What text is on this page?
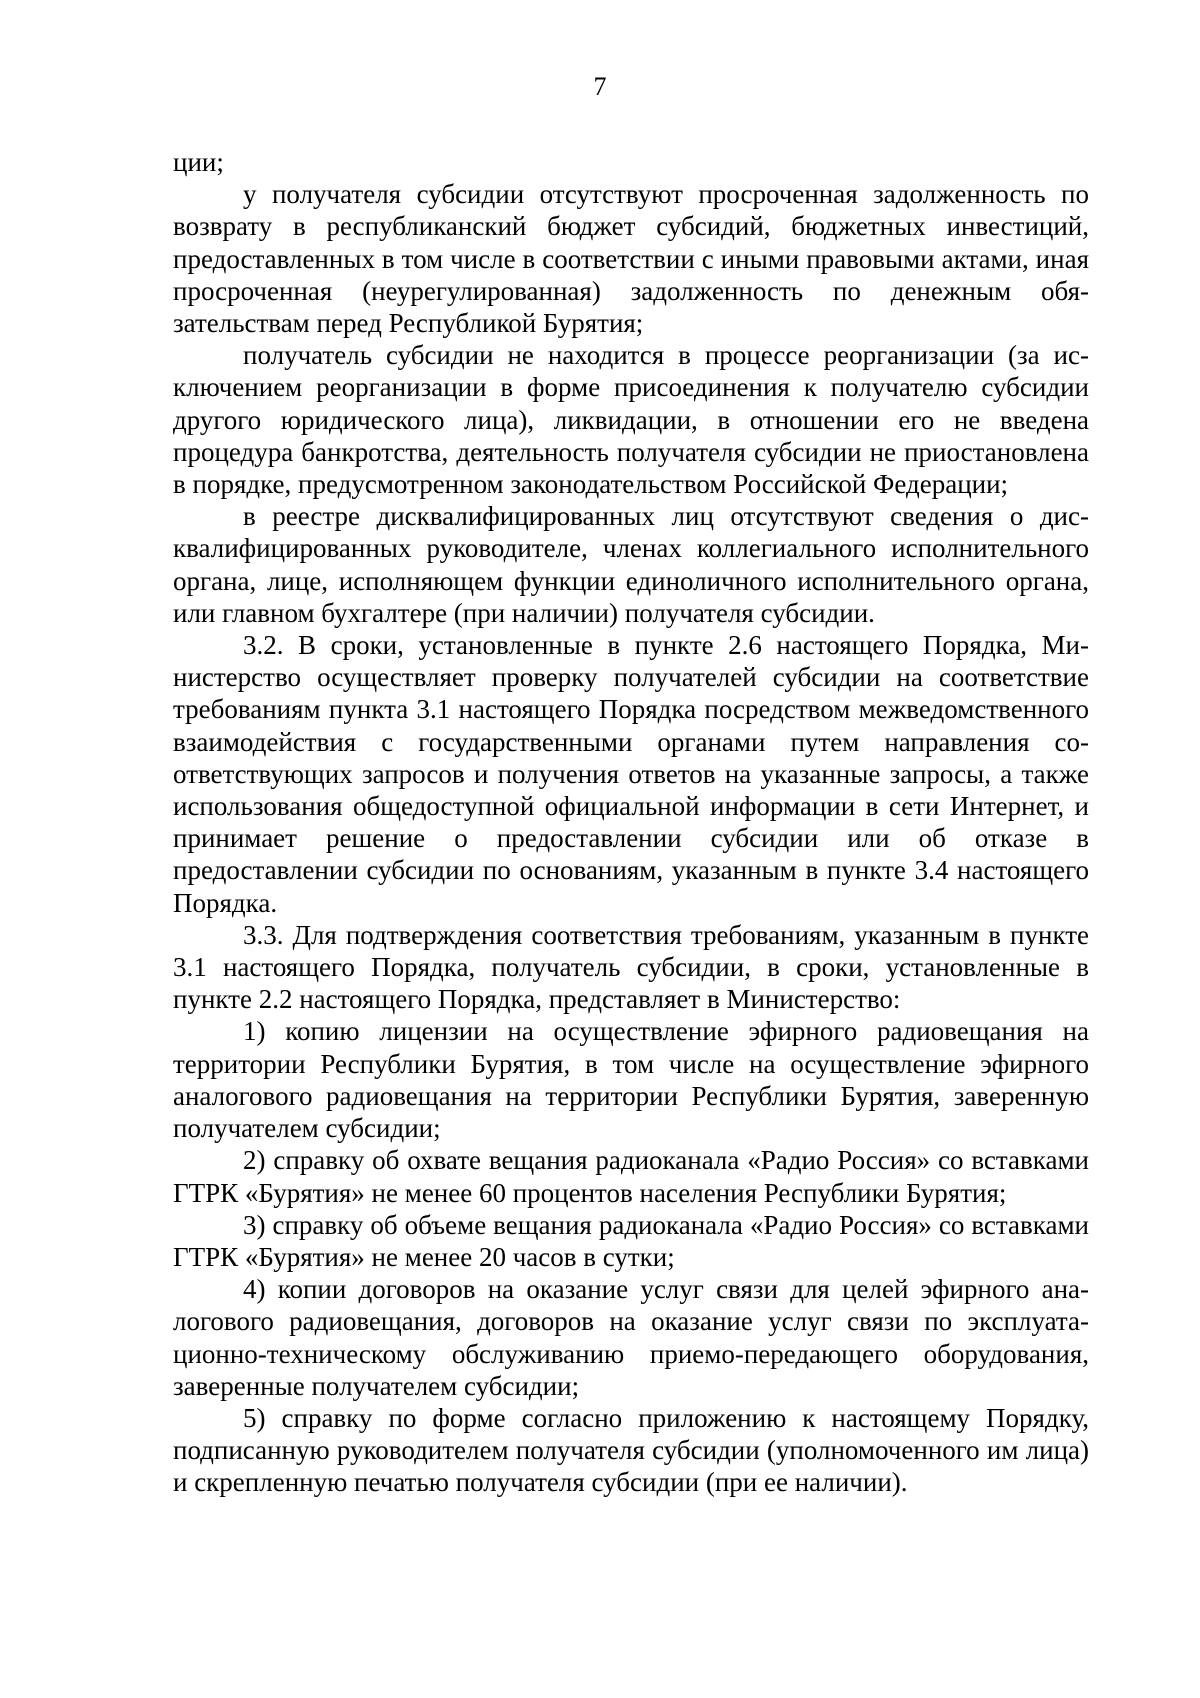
7

ции;

у получателя субсидии отсутствуют просроченная задолженность по возврату в республиканский бюджет субсидий, бюджетных инвестиций, предоставленных в том числе в соответствии с иными правовыми актами, иная просроченная (неурегулированная) задолженность по денежным обязательствам перед Республикой Бурятия;

получатель субсидии не находится в процессе реорганизации (за исключением реорганизации в форме присоединения к получателю субсидии другого юридического лица), ликвидации, в отношении его не введена процедура банкротства, деятельность получателя субсидии не приостановлена в порядке, предусмотренном законодательством Российской Федерации;

в реестре дисквалифицированных лиц отсутствуют сведения о дисквалифицированных руководителе, членах коллегиального исполнительного органа, лице, исполняющем функции единоличного исполнительного органа, или главном бухгалтере (при наличии) получателя субсидии.

3.2. В сроки, установленные в пункте 2.6 настоящего Порядка, Министерство осуществляет проверку получателей субсидии на соответствие требованиям пункта 3.1 настоящего Порядка посредством межведомственного взаимодействия с государственными органами путем направления соответствующих запросов и получения ответов на указанные запросы, а также использования общедоступной официальной информации в сети Интернет, и принимает решение о предоставлении субсидии или об отказе в предоставлении субсидии по основаниям, указанным в пункте 3.4 настоящего Порядка.

3.3. Для подтверждения соответствия требованиям, указанным в пункте 3.1 настоящего Порядка, получатель субсидии, в сроки, установленные в пункте 2.2 настоящего Порядка, представляет в Министерство:

1) копию лицензии на осуществление эфирного радиовещания на территории Республики Бурятия, в том числе на осуществление эфирного аналогового радиовещания на территории Республики Бурятия, заверенную получателем субсидии;

2) справку об охвате вещания радиоканала «Радио Россия» со вставками ГТРК «Бурятия» не менее 60 процентов населения Республики Бурятия;

3) справку об объеме вещания радиоканала «Радио Россия» со вставками ГТРК «Бурятия» не менее 20 часов в сутки;

4) копии договоров на оказание услуг связи для целей эфирного аналогового радиовещания, договоров на оказание услуг связи по эксплуатационно-техническому обслуживанию приемо-передающего оборудования, заверенные получателем субсидии;

5) справку по форме согласно приложению к настоящему Порядку, подписанную руководителем получателя субсидии (уполномоченного им лица) и скрепленную печатью получателя субсидии (при ее наличии).
